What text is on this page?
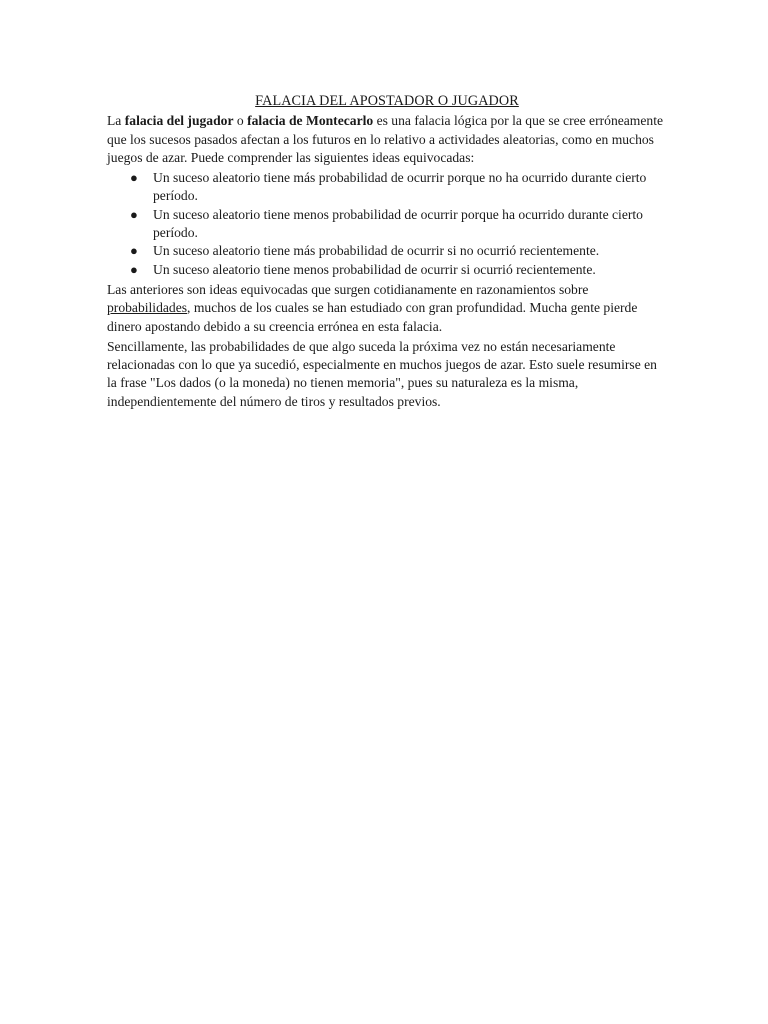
FALACIA DEL APOSTADOR O JUGADOR

La falacia del jugador o falacia de Montecarlo es una falacia lógica por la que se cree erróneamente que los sucesos pasados afectan a los futuros en lo relativo a actividades aleatorias, como en muchos juegos de azar. Puede comprender las siguientes ideas equivocadas:

● Un suceso aleatorio tiene más probabilidad de ocurrir porque no ha ocurrido durante cierto período.
● Un suceso aleatorio tiene menos probabilidad de ocurrir porque ha ocurrido durante cierto período.
● Un suceso aleatorio tiene más probabilidad de ocurrir si no ocurrió recientemente.
● Un suceso aleatorio tiene menos probabilidad de ocurrir si ocurrió recientemente.

Las anteriores son ideas equivocadas que surgen cotidianamente en razonamientos sobre probabilidades, muchos de los cuales se han estudiado con gran profundidad. Mucha gente pierde dinero apostando debido a su creencia errónea en esta falacia.

Sencillamente, las probabilidades de que algo suceda la próxima vez no están necesariamente relacionadas con lo que ya sucedió, especialmente en muchos juegos de azar. Esto suele resumirse en la frase "Los dados (o la moneda) no tienen memoria", pues su naturaleza es la misma, independientemente del número de tiros y resultados previos.
